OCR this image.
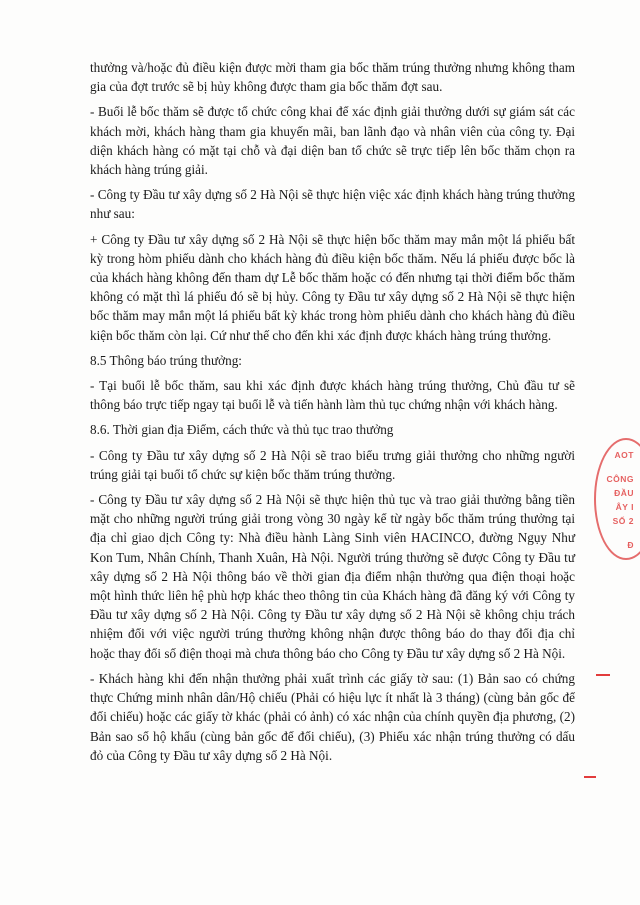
thưởng và/hoặc đủ điều kiện được mời tham gia bốc thăm trúng thưởng nhưng không tham gia của đợt trước sẽ bị hủy không được tham gia bốc thăm đợt sau.

- Buổi lễ bốc thăm sẽ được tổ chức công khai để xác định giải thưởng dưới sự giám sát các khách mời, khách hàng tham gia khuyến mãi, ban lãnh đạo và nhân viên của công ty. Đại diện khách hàng có mặt tại chỗ và đại diện ban tổ chức sẽ trực tiếp lên bốc thăm chọn ra khách hàng trúng giải.

- Công ty Đầu tư xây dựng số 2 Hà Nội sẽ thực hiện việc xác định khách hàng trúng thưởng như sau:

+ Công ty Đầu tư xây dựng số 2 Hà Nội sẽ thực hiện bốc thăm may mắn một lá phiếu bất kỳ trong hòm phiếu dành cho khách hàng đủ điều kiện bốc thăm. Nếu lá phiếu được bốc là của khách hàng không đến tham dự Lễ bốc thăm hoặc có đến nhưng tại thời điểm bốc thăm không có mặt thì lá phiếu đó sẽ bị hủy. Công ty Đầu tư xây dựng số 2 Hà Nội sẽ thực hiện bốc thăm may mắn một lá phiếu bất kỳ khác trong hòm phiếu dành cho khách hàng đủ điều kiện bốc thăm còn lại. Cứ như thế cho đến khi xác định được khách hàng trúng thưởng.

8.5 Thông báo trúng thưởng:

- Tại buổi lễ bốc thăm, sau khi xác định được khách hàng trúng thưởng, Chủ đầu tư sẽ thông báo trực tiếp ngay tại buổi lễ và tiến hành làm thủ tục chứng nhận với khách hàng.

8.6. Thời gian địa Điểm, cách thức và thủ tục trao thưởng

- Công ty Đầu tư xây dựng số 2 Hà Nội sẽ trao biểu trưng giải thưởng cho những người trúng giải tại buổi tổ chức sự kiện bốc thăm trúng thưởng.

- Công ty Đầu tư xây dựng số 2 Hà Nội sẽ thực hiện thủ tục và trao giải thưởng bằng tiền mặt cho những người trúng giải trong vòng 30 ngày kể từ ngày bốc thăm trúng thưởng tại địa chỉ giao dịch Công ty: Nhà điều hành Làng Sinh viên HACINCO, đường Ngụy Như Kon Tum, Nhân Chính, Thanh Xuân, Hà Nội. Người trúng thưởng sẽ được Công ty Đầu tư xây dựng số 2 Hà Nội thông báo về thời gian địa điểm nhận thưởng qua điện thoại hoặc một hình thức liên hệ phù hợp khác theo thông tin của Khách hàng đã đăng ký với Công ty Đầu tư xây dựng số 2 Hà Nội. Công ty Đầu tư xây dựng số 2 Hà Nội sẽ không chịu trách nhiệm đối với việc người trúng thưởng không nhận được thông báo do thay đổi địa chỉ hoặc thay đổi số điện thoại mà chưa thông báo cho Công ty Đầu tư xây dựng số 2 Hà Nội.

- Khách hàng khi đến nhận thưởng phải xuất trình các giấy tờ sau: (1) Bản sao có chứng thực Chứng minh nhân dân/Hộ chiếu (Phải có hiệu lực ít nhất là 3 tháng) (cùng bản gốc để đối chiếu) hoặc các giấy tờ khác (phải có ảnh) có xác nhận của chính quyền địa phương, (2) Bản sao sổ hộ khẩu (cùng bản gốc để đối chiếu), (3) Phiếu xác nhận trúng thưởng có dấu đỏ của Công ty Đầu tư xây dựng số 2 Hà Nội.

AOT
CÔNG
ĐẦU
ÂY I
SỐ 2
Đ
